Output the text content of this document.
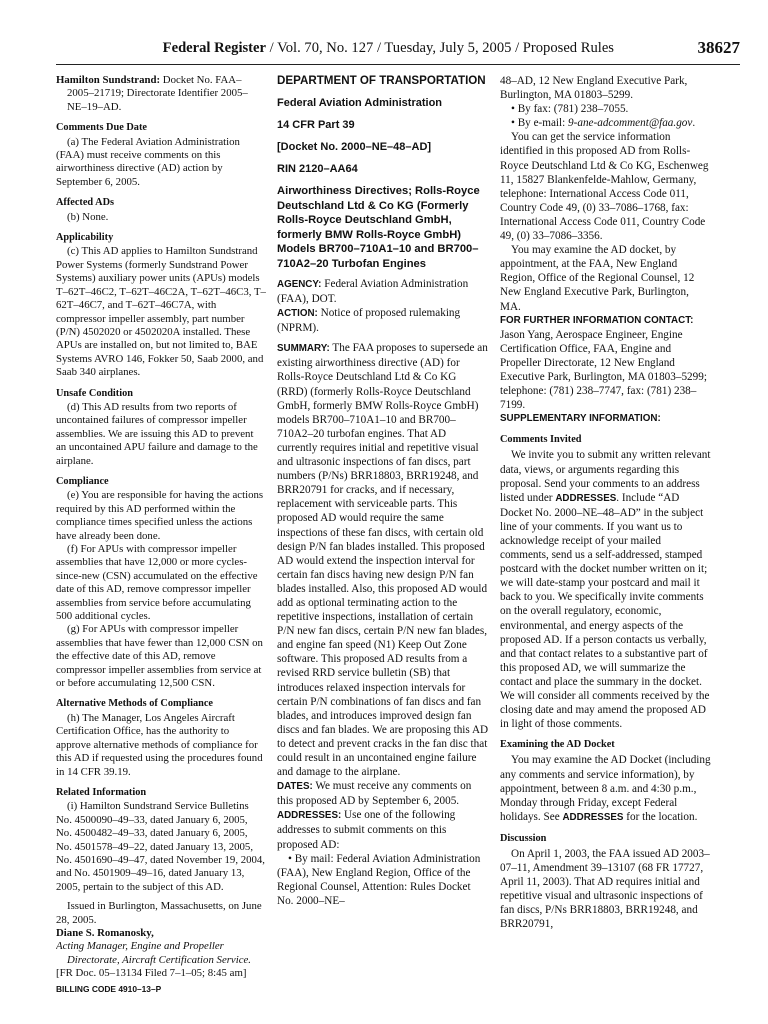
Federal Register / Vol. 70, No. 127 / Tuesday, July 5, 2005 / Proposed Rules	38627

Hamilton Sundstrand: Docket No. FAA–2005–21719; Directorate Identifier 2005–NE–19–AD.

Comments Due Date

(a) The Federal Aviation Administration (FAA) must receive comments on this airworthiness directive (AD) action by September 6, 2005.

Affected ADs

(b) None.

Applicability

(c) This AD applies to Hamilton Sundstrand Power Systems (formerly Sundstrand Power Systems) auxiliary power units (APUs) models T–62T–46C2, T–62T–46C2A, T–62T–46C3, T–62T–46C7, and T–62T–46C7A, with compressor impeller assembly, part number (P/N) 4502020 or 4502020A installed. These APUs are installed on, but not limited to, BAE Systems AVRO 146, Fokker 50, Saab 2000, and Saab 340 airplanes.

Unsafe Condition

(d) This AD results from two reports of uncontained failures of compressor impeller assemblies. We are issuing this AD to prevent an uncontained APU failure and damage to the airplane.

Compliance

(e) You are responsible for having the actions required by this AD performed within the compliance times specified unless the actions have already been done.

(f) For APUs with compressor impeller assemblies that have 12,000 or more cycles-since-new (CSN) accumulated on the effective date of this AD, remove compressor impeller assemblies from service before accumulating 500 additional cycles.

(g) For APUs with compressor impeller assemblies that have fewer than 12,000 CSN on the effective date of this AD, remove compressor impeller assemblies from service at or before accumulating 12,500 CSN.

Alternative Methods of Compliance

(h) The Manager, Los Angeles Aircraft Certification Office, has the authority to approve alternative methods of compliance for this AD if requested using the procedures found in 14 CFR 39.19.

Related Information

(i) Hamilton Sundstrand Service Bulletins No. 4500090–49–33, dated January 6, 2005, No. 4500482–49–33, dated January 6, 2005, No. 4501578–49–22, dated January 13, 2005, No. 4501690–49–47, dated November 19, 2004, and No. 4501909–49–16, dated January 13, 2005, pertain to the subject of this AD.

Issued in Burlington, Massachusetts, on June 28, 2005.

Diane S. Romanosky,

Acting Manager, Engine and Propeller Directorate, Aircraft Certification Service.

[FR Doc. 05–13134 Filed 7–1–05; 8:45 am]

BILLING CODE 4910–13–P

DEPARTMENT OF TRANSPORTATION

Federal Aviation Administration

14 CFR Part 39

[Docket No. 2000–NE–48–AD]

RIN 2120–AA64

Airworthiness Directives; Rolls-Royce Deutschland Ltd & Co KG (Formerly Rolls-Royce Deutschland GmbH, formerly BMW Rolls-Royce GmbH) Models BR700–710A1–10 and BR700–710A2–20 Turbofan Engines

AGENCY: Federal Aviation Administration (FAA), DOT.

ACTION: Notice of proposed rulemaking (NPRM).

SUMMARY: The FAA proposes to supersede an existing airworthiness directive (AD) for Rolls-Royce Deutschland Ltd & Co KG (RRD) (formerly Rolls-Royce Deutschland GmbH, formerly BMW Rolls-Royce GmbH) models BR700–710A1–10 and BR700–710A2–20 turbofan engines. That AD currently requires initial and repetitive visual and ultrasonic inspections of fan discs, part numbers (P/Ns) BRR18803, BRR19248, and BRR20791 for cracks, and if necessary, replacement with serviceable parts. This proposed AD would require the same inspections of these fan discs, with certain old design P/N fan blades installed. This proposed AD would extend the inspection interval for certain fan discs having new design P/N fan blades installed. Also, this proposed AD would add as optional terminating action to the repetitive inspections, installation of certain P/N new fan discs, certain P/N new fan blades, and engine fan speed (N1) Keep Out Zone software. This proposed AD results from a revised RRD service bulletin (SB) that introduces relaxed inspection intervals for certain P/N combinations of fan discs and fan blades, and introduces improved design fan discs and fan blades. We are proposing this AD to detect and prevent cracks in the fan disc that could result in an uncontained engine failure and damage to the airplane.

DATES: We must receive any comments on this proposed AD by September 6, 2005.

ADDRESSES: Use one of the following addresses to submit comments on this proposed AD:

• By mail: Federal Aviation Administration (FAA), New England Region, Office of the Regional Counsel, Attention: Rules Docket No. 2000–NE–

48–AD, 12 New England Executive Park, Burlington, MA 01803–5299.

• By fax: (781) 238–7055.

• By e-mail: 9-ane-adcomment@faa.gov.

You can get the service information identified in this proposed AD from Rolls-Royce Deutschland Ltd & Co KG, Eschenweg 11, 15827 Blankenfelde-Mahlow, Germany, telephone: International Access Code 011, Country Code 49, (0) 33–7086–1768, fax: International Access Code 011, Country Code 49, (0) 33–7086–3356.

You may examine the AD docket, by appointment, at the FAA, New England Region, Office of the Regional Counsel, 12 New England Executive Park, Burlington, MA.

FOR FURTHER INFORMATION CONTACT:

Jason Yang, Aerospace Engineer, Engine Certification Office, FAA, Engine and Propeller Directorate, 12 New England Executive Park, Burlington, MA 01803–5299; telephone: (781) 238–7747, fax: (781) 238–7199.

SUPPLEMENTARY INFORMATION:

Comments Invited

We invite you to submit any written relevant data, views, or arguments regarding this proposal. Send your comments to an address listed under ADDRESSES. Include “AD Docket No. 2000–NE–48–AD” in the subject line of your comments. If you want us to acknowledge receipt of your mailed comments, send us a self-addressed, stamped postcard with the docket number written on it; we will date-stamp your postcard and mail it back to you. We specifically invite comments on the overall regulatory, economic, environmental, and energy aspects of the proposed AD. If a person contacts us verbally, and that contact relates to a substantive part of this proposed AD, we will summarize the contact and place the summary in the docket. We will consider all comments received by the closing date and may amend the proposed AD in light of those comments.

Examining the AD Docket

You may examine the AD Docket (including any comments and service information), by appointment, between 8 a.m. and 4:30 p.m., Monday through Friday, except Federal holidays. See ADDRESSES for the location.

Discussion

On April 1, 2003, the FAA issued AD 2003–07–11, Amendment 39–13107 (68 FR 17727, April 11, 2003). That AD requires initial and repetitive visual and ultrasonic inspections of fan discs, P/Ns BRR18803, BRR19248, and BRR20791,
